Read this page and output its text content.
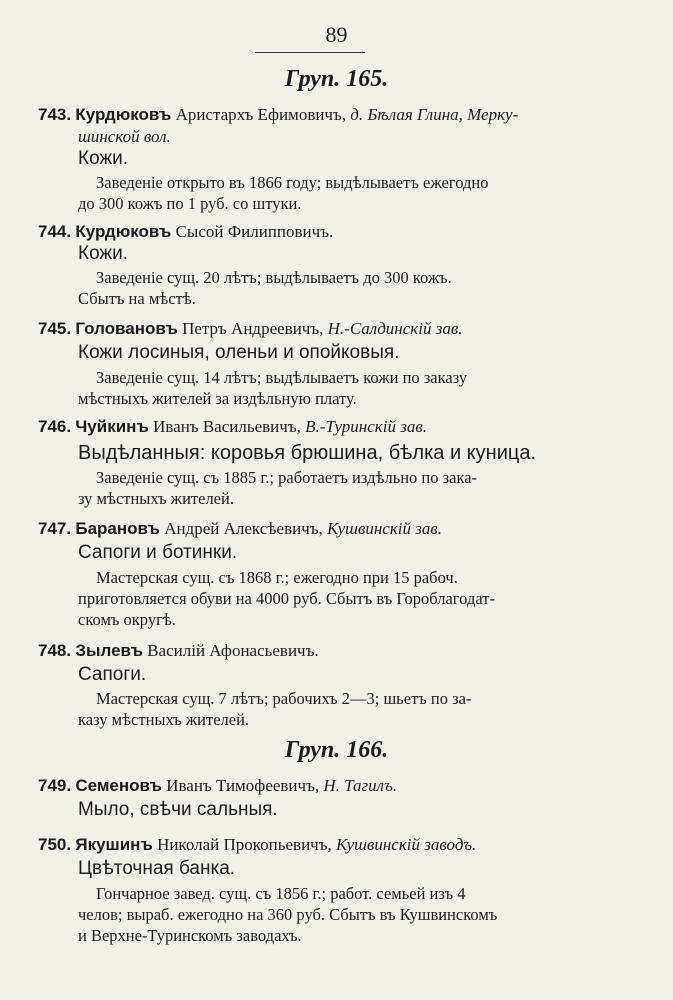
89
Груп. 165.
743. Курдюковъ Аристархъ Ефимовичъ, д. Бѣлая Глина, Мерку-
шинской вол.
Кожи.
Заведеніе открыто въ 1866 году; выдѣлываетъ ежегодно
до 300 кожъ по 1 руб. со штуки.
744. Курдюковъ Сысой Филипповичъ.
Кожи.
Заведеніе сущ. 20 лѣтъ; выдѣлываетъ до 300 кожъ.
Сбытъ на мѣстѣ.
745. Головановъ Петръ Андреевичъ, Н.-Салдинскій зав.
Кожи лосиныя, оленьи и опойковыя.
Заведеніе сущ. 14 лѣтъ; выдѣлываетъ кожи по заказу
мѣстныхъ жителей за издѣльную плату.
746. Чуйкинъ Иванъ Васильевичъ, В.-Туринскій зав.
Выдѣланныя: коровья брюшина, бѣлка и куница.
Заведеніе сущ. съ 1885 г.; работаетъ издѣльно по зака-
зу мѣстныхъ жителей.
747. Барановъ Андрей Алексѣевичъ, Кушвинскій зав.
Сапоги и ботинки.
Мастерская сущ. съ 1868 г.; ежегодно при 15 рабоч.
приготовляется обуви на 4000 руб. Сбытъ въ Горoблагодат-
скомъ округѣ.
748. Зылевъ Василій Афонасьевичъ.
Сапоги.
Мастерская сущ. 7 лѣтъ; рабочихъ 2—3; шьетъ по за-
казу мѣстныхъ жителей.
Груп. 166.
749. Семеновъ Иванъ Тимофеевичъ, Н. Тагилъ.
Мыло, свѣчи сальныя.
750. Якушинъ Николай Прокопьевичъ, Кушвинскій заводъ.
Цвѣточная банка.
Гончарное завед. сущ. съ 1856 г.; работ. семьей изъ 4
челов; выраб. ежегодно на 360 руб. Сбытъ въ Кушвинскомъ
и Верхне-Туринскомъ заводахъ.
